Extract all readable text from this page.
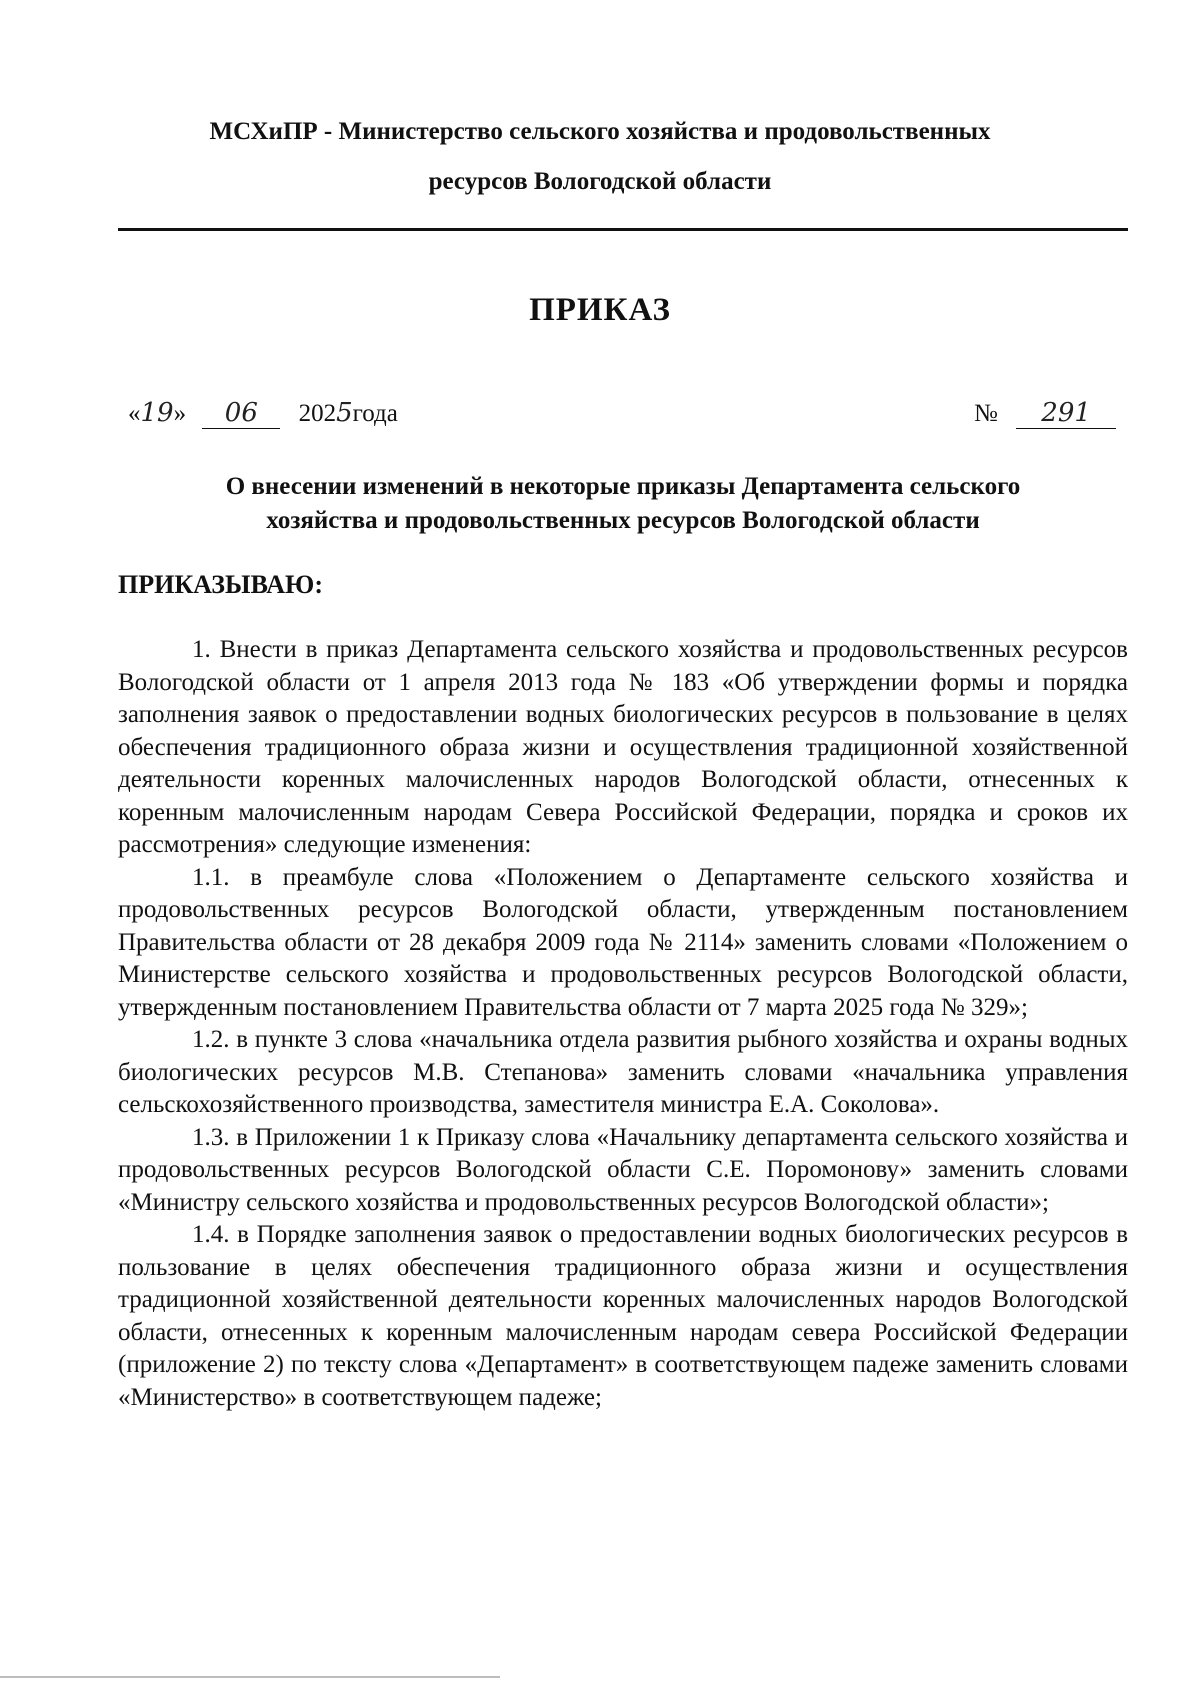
МСХиПР - Министерство сельского хозяйства и продовольственных
ресурсов Вологодской области
ПРИКАЗ
«19» 06 2025года	№ 291
О внесении изменений в некоторые приказы Департамента сельского
хозяйства и продовольственных ресурсов Вологодской области
ПРИКАЗЫВАЮ:

1. Внести в приказ Департамента сельского хозяйства и продовольственных ресурсов Вологодской области от 1 апреля 2013 года № 183 «Об утверждении формы и порядка заполнения заявок о предоставлении водных биологических ресурсов в пользование в целях обеспечения традиционного образа жизни и осуществления традиционной хозяйственной деятельности коренных малочисленных народов Вологодской области, отнесенных к коренным малочисленным народам Севера Российской Федерации, порядка и сроков их рассмотрения» следующие изменения:

1.1. в преамбуле слова «Положением о Департаменте сельского хозяйства и продовольственных ресурсов Вологодской области, утвержденным постановлением Правительства области от 28 декабря 2009 года № 2114» заменить словами «Положением о Министерстве сельского хозяйства и продовольственных ресурсов Вологодской области, утвержденным постановлением Правительства области от 7 марта 2025 года № 329»;

1.2. в пункте 3 слова «начальника отдела развития рыбного хозяйства и охраны водных биологических ресурсов М.В. Степанова» заменить словами «начальника управления сельскохозяйственного производства, заместителя министра Е.А. Соколова».

1.3. в Приложении 1 к Приказу слова «Начальнику департамента сельского хозяйства и продовольственных ресурсов Вологодской области С.Е. Поромонову» заменить словами «Министру сельского хозяйства и продовольственных ресурсов Вологодской области»;

1.4. в Порядке заполнения заявок о предоставлении водных биологических ресурсов в пользование в целях обеспечения традиционного образа жизни и осуществления традиционной хозяйственной деятельности коренных малочисленных народов Вологодской области, отнесенных к коренным малочисленным народам севера Российской Федерации (приложение 2) по тексту слова «Департамент» в соответствующем падеже заменить словами «Министерство» в соответствующем падеже;
